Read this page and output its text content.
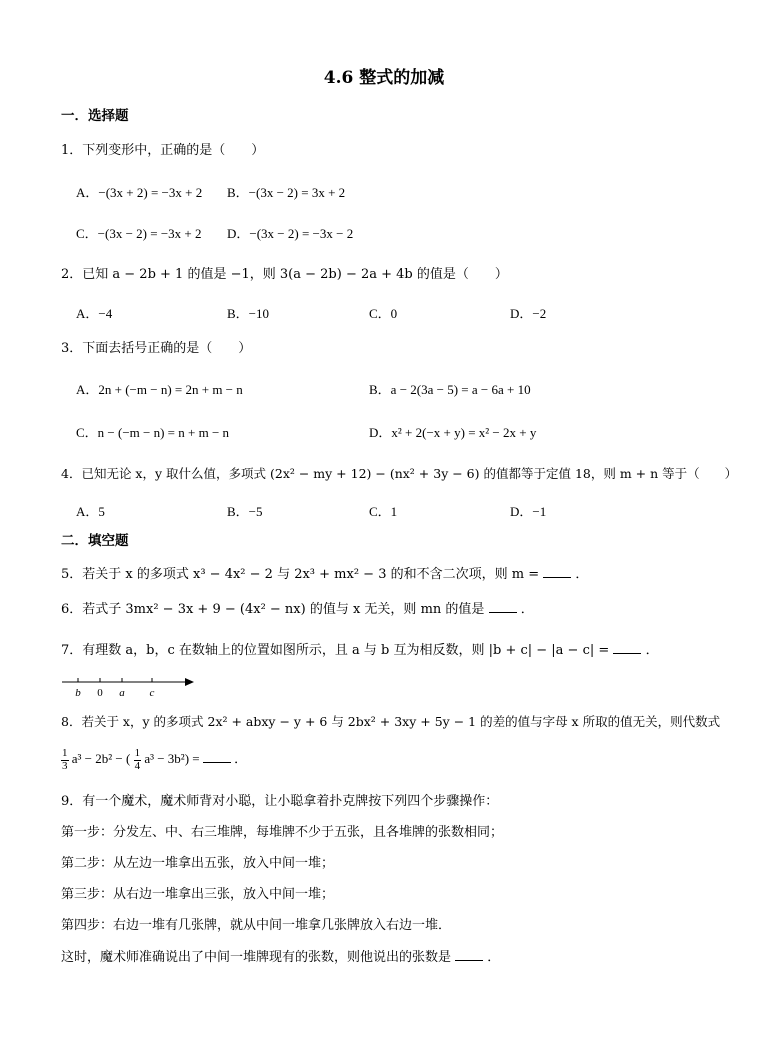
4.6 整式的加减
一．选择题
1．下列变形中，正确的是（　　）
A．−(3x + 2) = −3x + 2 B．−(3x − 2) = 3x + 2
C．−(3x − 2) = −3x + 2 D．−(3x − 2) = −3x − 2
2．已知 a − 2b + 1 的值是 −1，则 3(a − 2b) − 2a + 4b 的值是（　　）
A．−4	B．−10	C．0	D．−2
3．下面去括号正确的是（　　）
A．2n + (−m − n) = 2n + m − n	B．a − 2(3a − 5) = a − 6a + 10
C．n − (−m − n) = n + m − n	D．x² + 2(−x + y) = x² − 2x + y
4．已知无论 x，y 取什么值，多项式 (2x² − my + 12) − (nx² + 3y − 6) 的值都等于定值 18，则 m + n 等于（　　）
A．5	B．−5	C．1	D．−1
二．填空题
5．若关于 x 的多项式 x³ − 4x² − 2 与 2x³ + mx² − 3 的和不含二次项，则 m =	．
6．若式子 3mx² − 3x + 9 − (4x² − nx) 的值与 x 无关，则 mn 的值是	．
7．有理数 a，b，c 在数轴上的位置如图所示，且 a 与 b 互为相反数，则 |b + c| − |a − c| =	．
b 0 a c
8．若关于 x，y 的多项式 2x² + abxy − y + 6 与 2bx² + 3xy + 5y − 1 的差的值与字母 x 所取的值无关，则代数式
$\frac{1}{3} a^3 - 2b^2$ − ( $\frac{1}{4} a^3 - 3b^2$) =	．
9．有一个魔术，魔术师背对小聪，让小聪拿着扑克牌按下列四个步骤操作：
第一步：分发左、中、右三堆牌，每堆牌不少于五张，且各堆牌的张数相同；
第二步：从左边一堆拿出五张，放入中间一堆；
第三步：从右边一堆拿出三张，放入中间一堆；
第四步：右边一堆有几张牌，就从中间一堆拿几张牌放入右边一堆．
这时，魔术师准确说出了中间一堆牌现有的张数，则他说出的张数是	．
